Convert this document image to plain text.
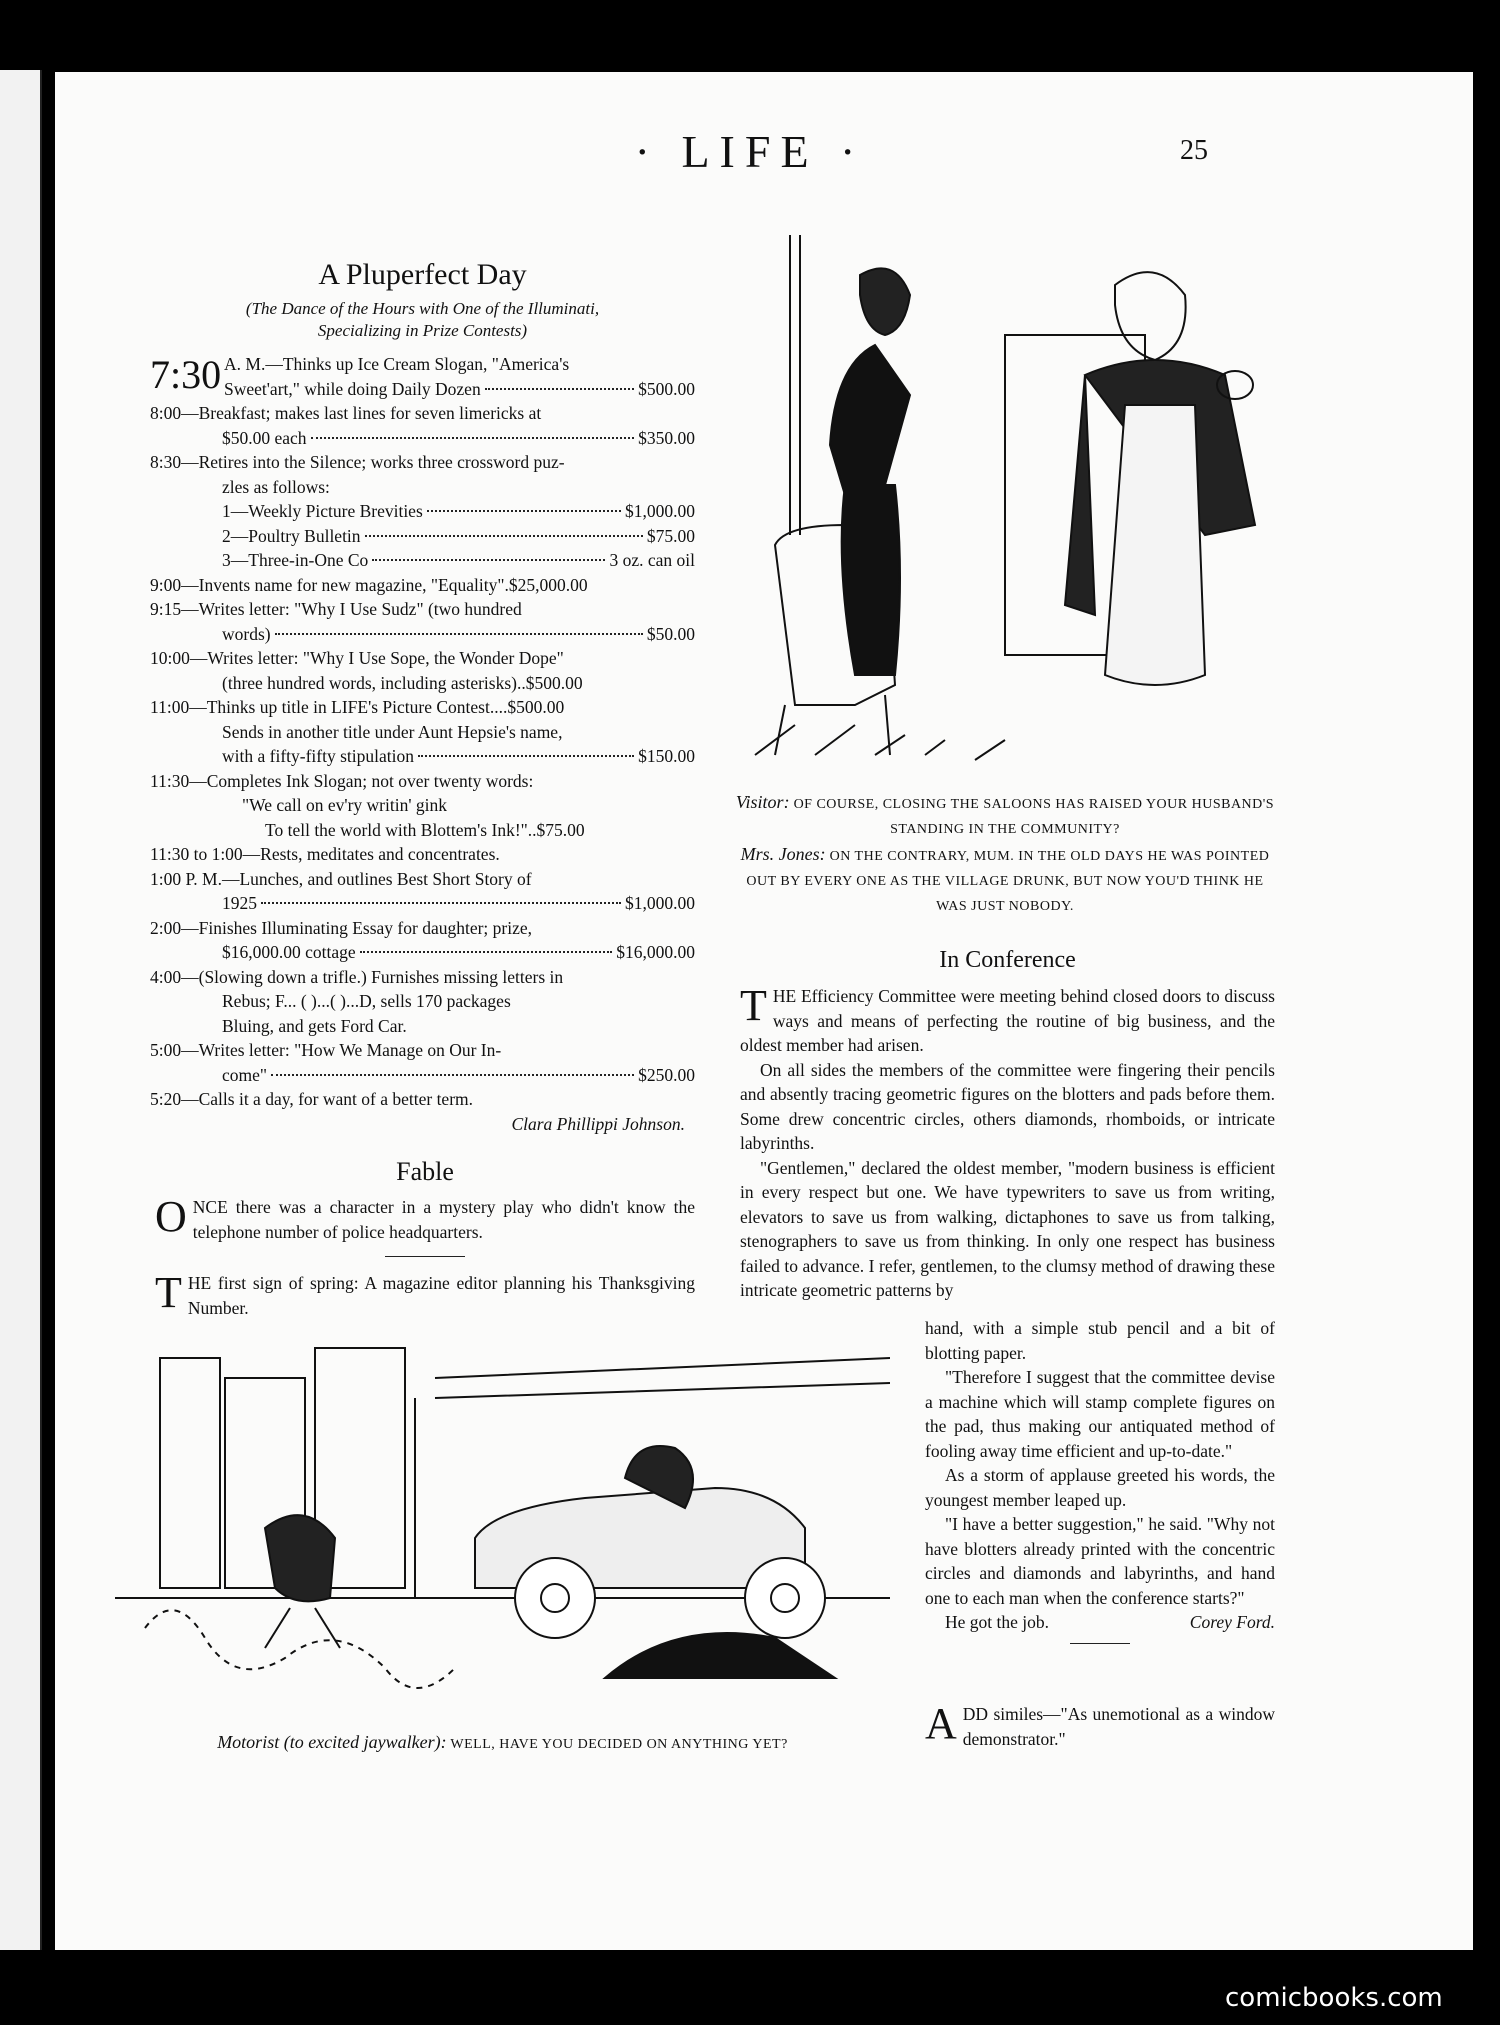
· LIFE ·	25
A Pluperfect Day
(The Dance of the Hours with One of the Illuminati,
Specializing in Prize Contests)
7:30 A. M.—Thinks up Ice Cream Slogan, "America's
Sweet'art," while doing Daily Dozen	$500.00
8:00—Breakfast; makes last lines for seven limericks at
$50.00 each	$350.00
8:30—Retires into the Silence; works three crossword puz-
zles as follows:
1—Weekly Picture Brevities	$1,000.00
2—Poultry Bulletin	$75.00
3—Three-in-One Co	3 oz. can oil
9:00—Invents name for new magazine, "Equality".$25,000.00
9:15—Writes letter: "Why I Use Sudz" (two hundred
words)	$50.00
10:00—Writes letter: "Why I Use Sope, the Wonder Dope"
(three hundred words, including asterisks)..$500.00
11:00—Thinks up title in LIFE's Picture Contest....$500.00
Sends in another title under Aunt Hepsie's name,
with a fifty-fifty stipulation	$150.00
11:30—Completes Ink Slogan; not over twenty words:
"We call on ev'ry writin' gink
To tell the world with Blottem's Ink!"..$75.00
11:30 to 1:00—Rests, meditates and concentrates.
1:00 P. M.—Lunches, and outlines Best Short Story of
1925	$1,000.00
2:00—Finishes Illuminating Essay for daughter; prize,
$16,000.00 cottage	$16,000.00
4:00—(Slowing down a trifle.) Furnishes missing letters in
Rebus; F... ( )...( )...D, sells 170 packages
Bluing, and gets Ford Car.
5:00—Writes letter: "How We Manage on Our In-
come"	$250.00
5:20—Calls it a day, for want of a better term.
Clara Phillippi Johnson.
Fable
ONCE there was a character in a mystery play who didn't know the telephone number of police headquarters.
THE first sign of spring: A magazine editor planning his Thanksgiving Number.
Visitor: OF COURSE, CLOSING THE SALOONS HAS RAISED YOUR HUSBAND'S STANDING IN THE COMMUNITY?
Mrs. Jones: ON THE CONTRARY, MUM. IN THE OLD DAYS HE WAS POINTED OUT BY EVERY ONE AS THE VILLAGE DRUNK, BUT NOW YOU'D THINK HE WAS JUST NOBODY.
In Conference
THE Efficiency Committee were meeting behind closed doors to discuss ways and means of perfecting the routine of big business, and the oldest member had arisen.
On all sides the members of the committee were fingering their pencils and absently tracing geometric figures on the blotters and pads before them. Some drew concentric circles, others diamonds, rhomboids, or intricate labyrinths.
"Gentlemen," declared the oldest member, "modern business is efficient in every respect but one. We have typewriters to save us from writing, elevators to save us from walking, dictaphones to save us from talking, stenographers to save us from thinking. In only one respect has business failed to advance. I refer, gentlemen, to the clumsy method of drawing these intricate geometric patterns by
hand, with a simple stub pencil and a bit of blotting paper.
"Therefore I suggest that the committee devise a machine which will stamp complete figures on the pad, thus making our antiquated method of fooling away time efficient and up-to-date."
As a storm of applause greeted his words, the youngest member leaped up.
"I have a better suggestion," he said. "Why not have blotters already printed with the concentric circles and diamonds and labyrinths, and hand one to each man when the conference starts?"
He got the job.	Corey Ford.
ADD similes—"As unemotional as a window demonstrator."
Motorist (to excited jaywalker): WELL, HAVE YOU DECIDED ON ANYTHING YET?
comicbooks.com
